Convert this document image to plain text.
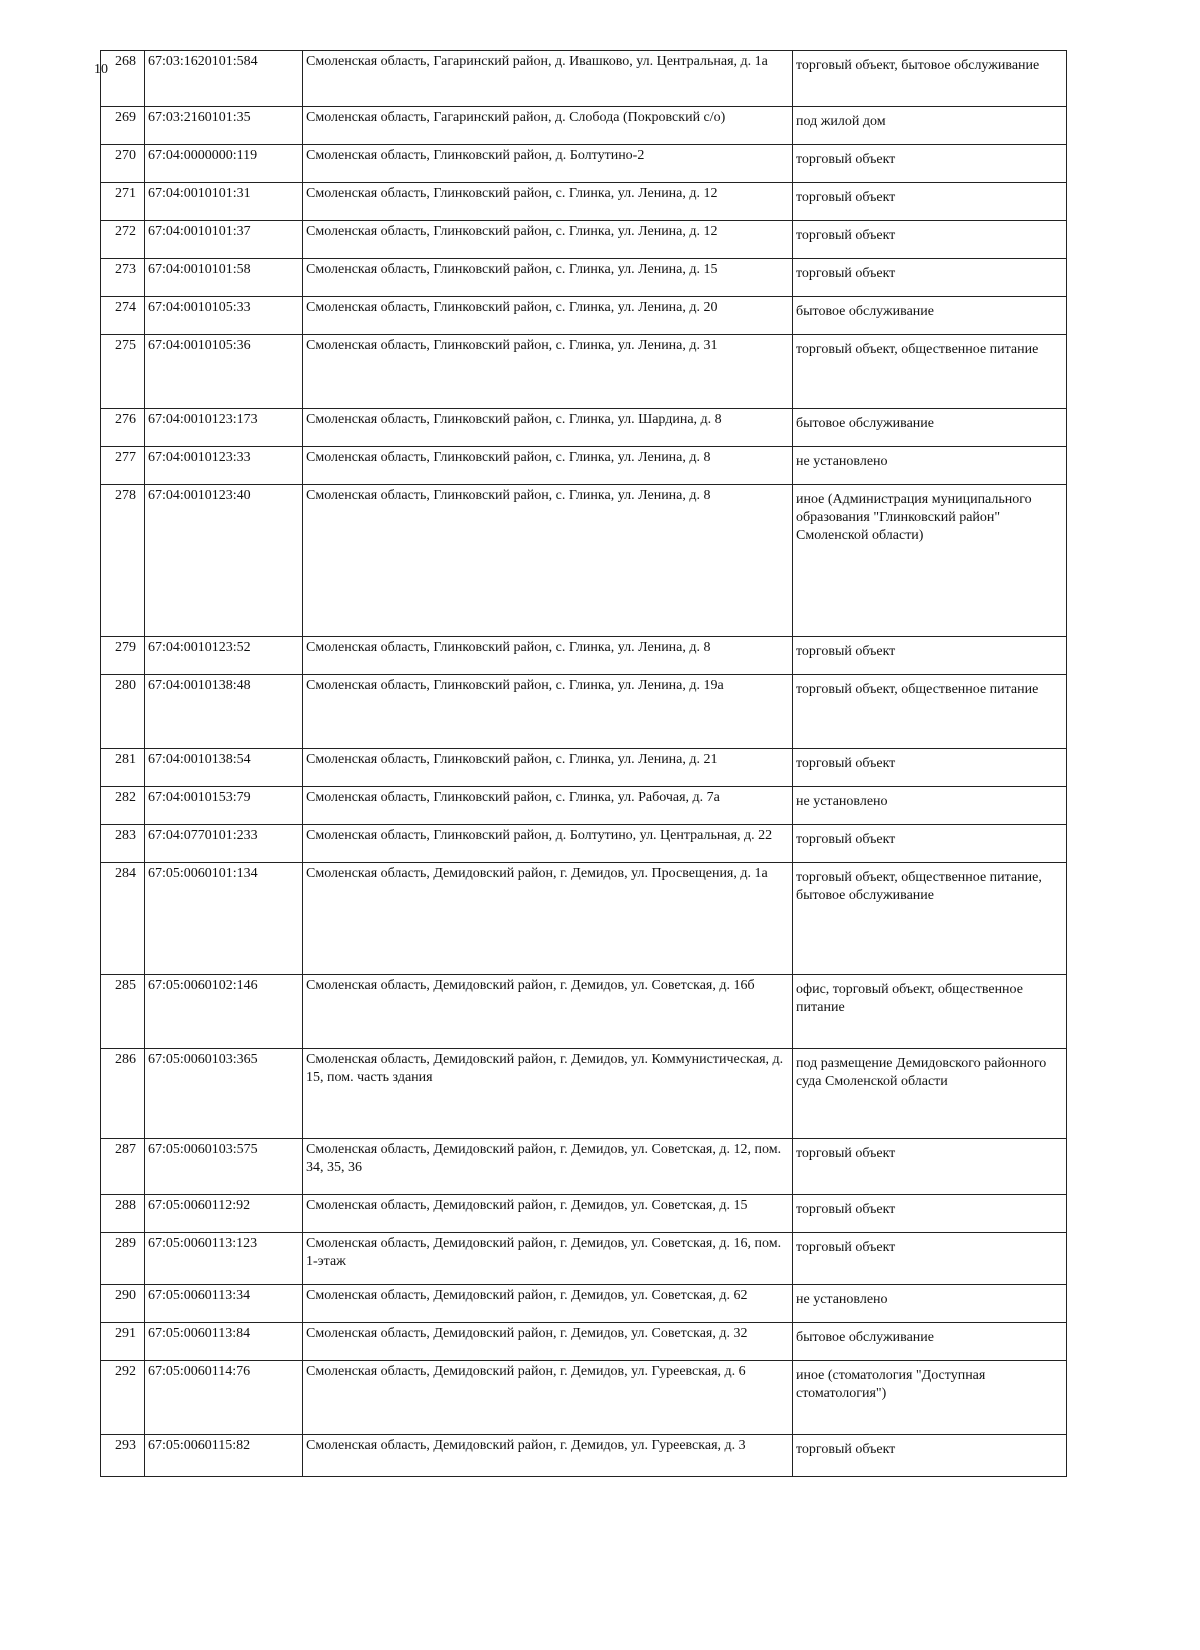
10
268	67:03:1620101:584	Смоленская область, Гагаринский район, д. Ивашково, ул. Центральная, д. 1а	торговый объект, бытовое обслуживание
269	67:03:2160101:35	Смоленская область, Гагаринский район, д. Слобода (Покровский с/о)	под жилой дом
270	67:04:0000000:119	Смоленская область, Глинковский район, д. Болтутино-2	торговый объект
271	67:04:0010101:31	Смоленская область, Глинковский район, с. Глинка, ул. Ленина, д. 12	торговый объект
272	67:04:0010101:37	Смоленская область, Глинковский район, с. Глинка, ул. Ленина, д. 12	торговый объект
273	67:04:0010101:58	Смоленская область, Глинковский район, с. Глинка, ул. Ленина, д. 15	торговый объект
274	67:04:0010105:33	Смоленская область, Глинковский район, с. Глинка, ул. Ленина, д. 20	бытовое обслуживание
275	67:04:0010105:36	Смоленская область, Глинковский район, с. Глинка, ул. Ленина, д. 31	торговый объект, общественное питание
276	67:04:0010123:173	Смоленская область, Глинковский район, с. Глинка, ул. Шардина, д. 8	бытовое обслуживание
277	67:04:0010123:33	Смоленская область, Глинковский район, с. Глинка, ул. Ленина, д. 8	не установлено
278	67:04:0010123:40	Смоленская область, Глинковский район, с. Глинка, ул. Ленина, д. 8	иное (Администрация муниципального образования "Глинковский район" Смоленской области)
279	67:04:0010123:52	Смоленская область, Глинковский район, с. Глинка, ул. Ленина, д. 8	торговый объект
280	67:04:0010138:48	Смоленская область, Глинковский район, с. Глинка, ул. Ленина, д. 19а	торговый объект, общественное питание
281	67:04:0010138:54	Смоленская область, Глинковский район, с. Глинка, ул. Ленина, д. 21	торговый объект
282	67:04:0010153:79	Смоленская область, Глинковский район, с. Глинка, ул. Рабочая, д. 7а	не установлено
283	67:04:0770101:233	Смоленская область, Глинковский район, д. Болтутино, ул. Центральная, д. 22	торговый объект
284	67:05:0060101:134	Смоленская область, Демидовский район, г. Демидов, ул. Просвещения, д. 1а	торговый объект, общественное питание, бытовое обслуживание
285	67:05:0060102:146	Смоленская область, Демидовский район, г. Демидов, ул. Советская, д. 16б	офис, торговый объект, общественное питание
286	67:05:0060103:365	Смоленская область, Демидовский район, г. Демидов, ул. Коммунистическая, д. 15, пом. часть здания	под размещение Демидовского районного суда Смоленской области
287	67:05:0060103:575	Смоленская область, Демидовский район, г. Демидов, ул. Советская, д. 12, пом. 34, 35, 36	торговый объект
288	67:05:0060112:92	Смоленская область, Демидовский район, г. Демидов, ул. Советская, д. 15	торговый объект
289	67:05:0060113:123	Смоленская область, Демидовский район, г. Демидов, ул. Советская, д. 16, пом. 1-этаж	торговый объект
290	67:05:0060113:34	Смоленская область, Демидовский район, г. Демидов, ул. Советская, д. 62	не установлено
291	67:05:0060113:84	Смоленская область, Демидовский район, г. Демидов, ул. Советская, д. 32	бытовое обслуживание
292	67:05:0060114:76	Смоленская область, Демидовский район, г. Демидов, ул. Гуреевская, д. 6	иное (стоматология "Доступная стоматология")
293	67:05:0060115:82	Смоленская область, Демидовский район, г. Демидов, ул. Гуреевская, д. 3	торговый объект
